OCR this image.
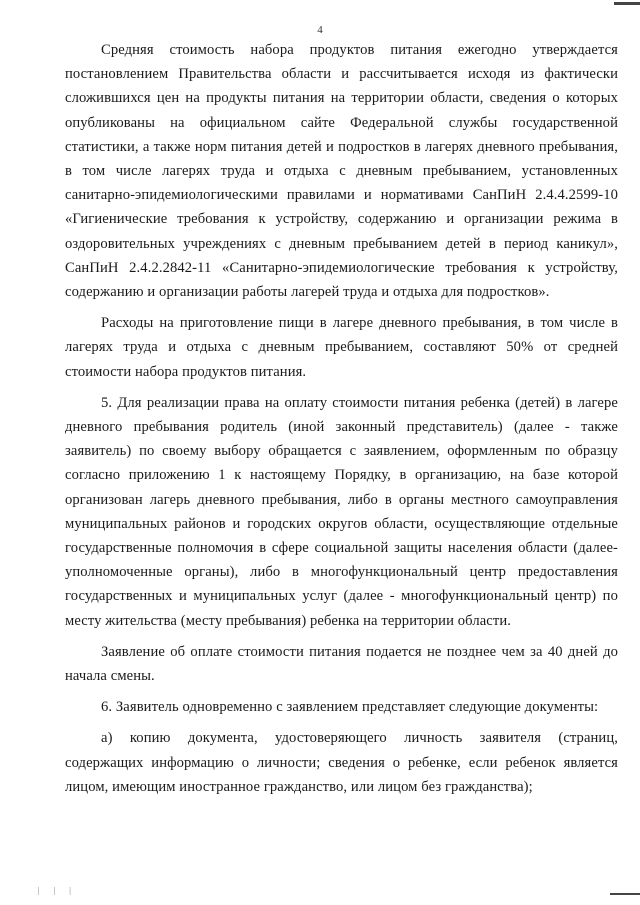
4

Средняя стоимость набора продуктов питания ежегодно утверждается постановлением Правительства области и рассчитывается исходя из фактически сложившихся цен на продукты питания на территории области, сведения о которых опубликованы на официальном сайте Федеральной службы государственной статистики, а также норм питания детей и подростков в лагерях дневного пребывания, в том числе лагерях труда и отдыха с дневным пребыванием, установленных санитарно-эпидемиологическими правилами и нормативами СанПиН 2.4.4.2599-10 «Гигиенические требования к устройству, содержанию и организации режима в оздоровительных учреждениях с дневным пребыванием детей в период каникул», СанПиН 2.4.2.2842-11 «Санитарно-эпидемиологические требования к устройству, содержанию и организации работы лагерей труда и отдыха для подростков».

Расходы на приготовление пищи в лагере дневного пребывания, в том числе в лагерях труда и отдыха с дневным пребыванием, составляют 50% от средней стоимости набора продуктов питания.

5. Для реализации права на оплату стоимости питания ребенка (детей) в лагере дневного пребывания родитель (иной законный представитель) (далее - также заявитель) по своему выбору обращается с заявлением, оформленным по образцу согласно приложению 1 к настоящему Порядку, в организацию, на базе которой организован лагерь дневного пребывания, либо в органы местного самоуправления муниципальных районов и городских округов области, осуществляющие отдельные государственные полномочия в сфере социальной защиты населения области (далее-уполномоченные органы), либо в многофункциональный центр предоставления государственных и муниципальных услуг (далее - многофункциональный центр) по месту жительства (месту пребывания) ребенка на территории области.

Заявление об оплате стоимости питания подается не позднее чем за 40 дней до начала смены.

6. Заявитель одновременно с заявлением представляет следующие документы:

а) копию документа, удостоверяющего личность заявителя (страниц, содержащих информацию о личности; сведения о ребенке, если ребенок является лицом, имеющим иностранное гражданство, или лицом без гражданства);

| | |
